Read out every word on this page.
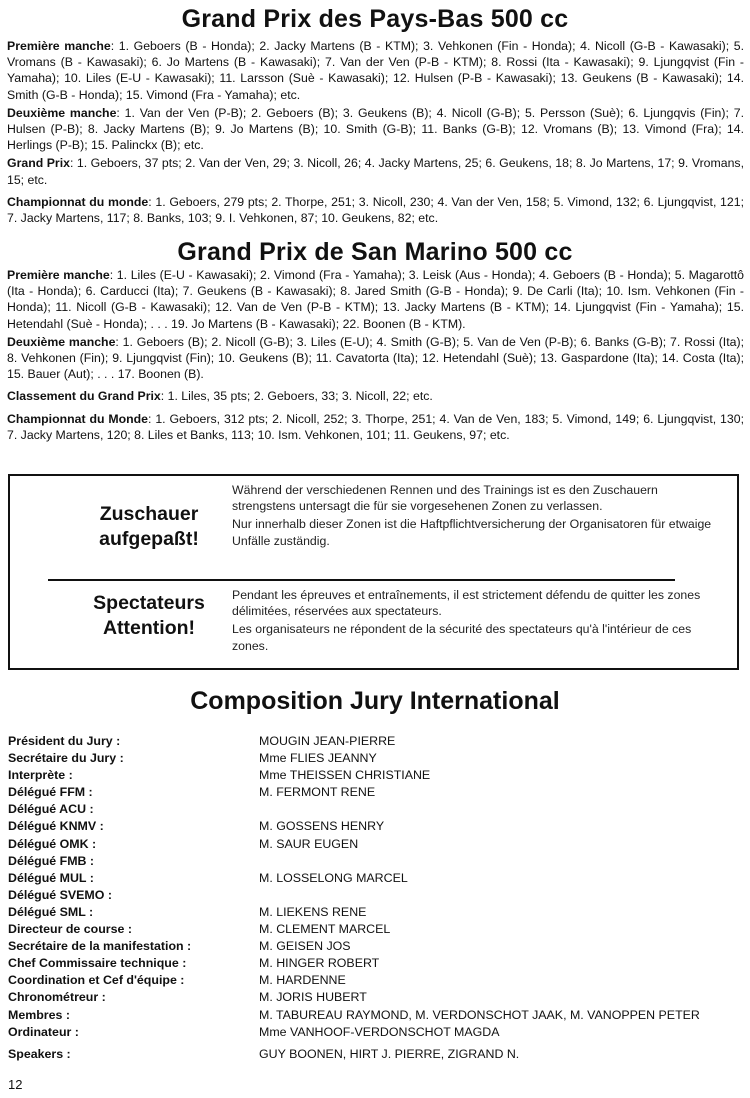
Grand Prix des Pays-Bas 500 cc

Première manche: 1. Geboers (B - Honda); 2. Jacky Martens (B - KTM); 3. Vehkonen (Fin - Honda); 4. Nicoll (G-B - Kawasaki); 5. Vromans (B - Kawasaki); 6. Jo Martens (B - Kawasaki); 7. Van der Ven (P-B - KTM); 8. Rossi (Ita - Kawasaki); 9. Ljungqvist (Fin - Yamaha); 10. Liles (E-U - Kawasaki); 11. Larsson (Suè - Kawasaki); 12. Hulsen (P-B - Kawasaki); 13. Geukens (B - Kawasaki); 14. Smith (G-B - Honda); 15. Vimond (Fra - Yamaha); etc.

Deuxième manche: 1. Van der Ven (P-B); 2. Geboers (B); 3. Geukens (B); 4. Nicoll (G-B); 5. Persson (Suè); 6. Ljungqvis (Fin); 7. Hulsen (P-B); 8. Jacky Martens (B); 9. Jo Martens (B); 10. Smith (G-B); 11. Banks (G-B); 12. Vromans (B); 13. Vimond (Fra); 14. Herlings (P-B); 15. Palinckx (B); etc.

Grand Prix: 1. Geboers, 37 pts; 2. Van der Ven, 29; 3. Nicoll, 26; 4. Jacky Martens, 25; 6. Geukens, 18; 8. Jo Martens, 17; 9. Vromans, 15; etc.

Championnat du monde: 1. Geboers, 279 pts; 2. Thorpe, 251; 3. Nicoll, 230; 4. Van der Ven, 158; 5. Vimond, 132; 6. Ljungqvist, 121; 7. Jacky Martens, 117; 8. Banks, 103; 9. I. Vehkonen, 87; 10. Geukens, 82; etc.

Grand Prix de San Marino 500 cc

Première manche: 1. Liles (E-U - Kawasaki); 2. Vimond (Fra - Yamaha); 3. Leisk (Aus - Honda); 4. Geboers (B - Honda); 5. Magarottô (Ita - Honda); 6. Carducci (Ita); 7. Geukens (B - Kawasaki); 8. Jared Smith (G-B - Honda); 9. De Carli (Ita); 10. Ism. Vehkonen (Fin - Honda); 11. Nicoll (G-B - Kawasaki); 12. Van de Ven (P-B - KTM); 13. Jacky Martens (B - KTM); 14. Ljungqvist (Fin - Yamaha); 15. Hetendahl (Suè - Honda); . . . 19. Jo Martens (B - Kawasaki); 22. Boonen (B - KTM).

Deuxième manche: 1. Geboers (B); 2. Nicoll (G-B); 3. Liles (E-U); 4. Smith (G-B); 5. Van de Ven (P-B); 6. Banks (G-B); 7. Rossi (Ita); 8. Vehkonen (Fin); 9. Ljungqvist (Fin); 10. Geukens (B); 11. Cavatorta (Ita); 12. Hetendahl (Suè); 13. Gaspardone (Ita); 14. Costa (Ita); 15. Bauer (Aut); . . . 17. Boonen (B).

Classement du Grand Prix: 1. Liles, 35 pts; 2. Geboers, 33; 3. Nicoll, 22; etc.

Championnat du Monde: 1. Geboers, 312 pts; 2. Nicoll, 252; 3. Thorpe, 251; 4. Van de Ven, 183; 5. Vimond, 149; 6. Ljungqvist, 130; 7. Jacky Martens, 120; 8. Liles et Banks, 113; 10. Ism. Vehkonen, 101; 11. Geukens, 97; etc.

Zuschauer
aufgepaßt!

Während der verschiedenen Rennen und des Trainings ist es den Zuschauern strengstens untersagt die für sie vorgesehenen Zonen zu verlassen.

Nur innerhalb dieser Zonen ist die Haftpflichtversicherung der Organisatoren für etwaige Unfälle zuständig.

Spectateurs
Attention!

Pendant les épreuves et entraînements, il est strictement défendu de quitter les zones délimitées, réservées aux spectateurs.

Les organisateurs ne répondent de la sécurité des spectateurs qu'à l'intérieur de ces zones.

Composition Jury International
Président du Jury :	MOUGIN JEAN-PIERRE
Secrétaire du Jury :	Mme FLIES JEANNY
Interprète :	Mme THEISSEN CHRISTIANE
Délégué FFM :	M. FERMONT RENE
Délégué ACU :
Délégué KNMV :	M. GOSSENS HENRY
Délégué OMK :	M. SAUR EUGEN
Délégué FMB :
Délégué MUL :	M. LOSSELONG MARCEL
Délégué SVEMO :
Délégué SML :	M. LIEKENS RENE
Directeur de course :	M. CLEMENT MARCEL
Secrétaire de la manifestation :	M. GEISEN JOS
Chef Commissaire technique :	M. HINGER ROBERT
Coordination et Cef d'équipe :	M. HARDENNE
Chronométreur :	M. JORIS HUBERT
Membres :	M. TABUREAU RAYMOND, M. VERDONSCHOT JAAK, M. VANOPPEN PETER
Ordinateur :	Mme VANHOOF-VERDONSCHOT MAGDA
Speakers :	GUY BOONEN, HIRT J. PIERRE, ZIGRAND N.
12
